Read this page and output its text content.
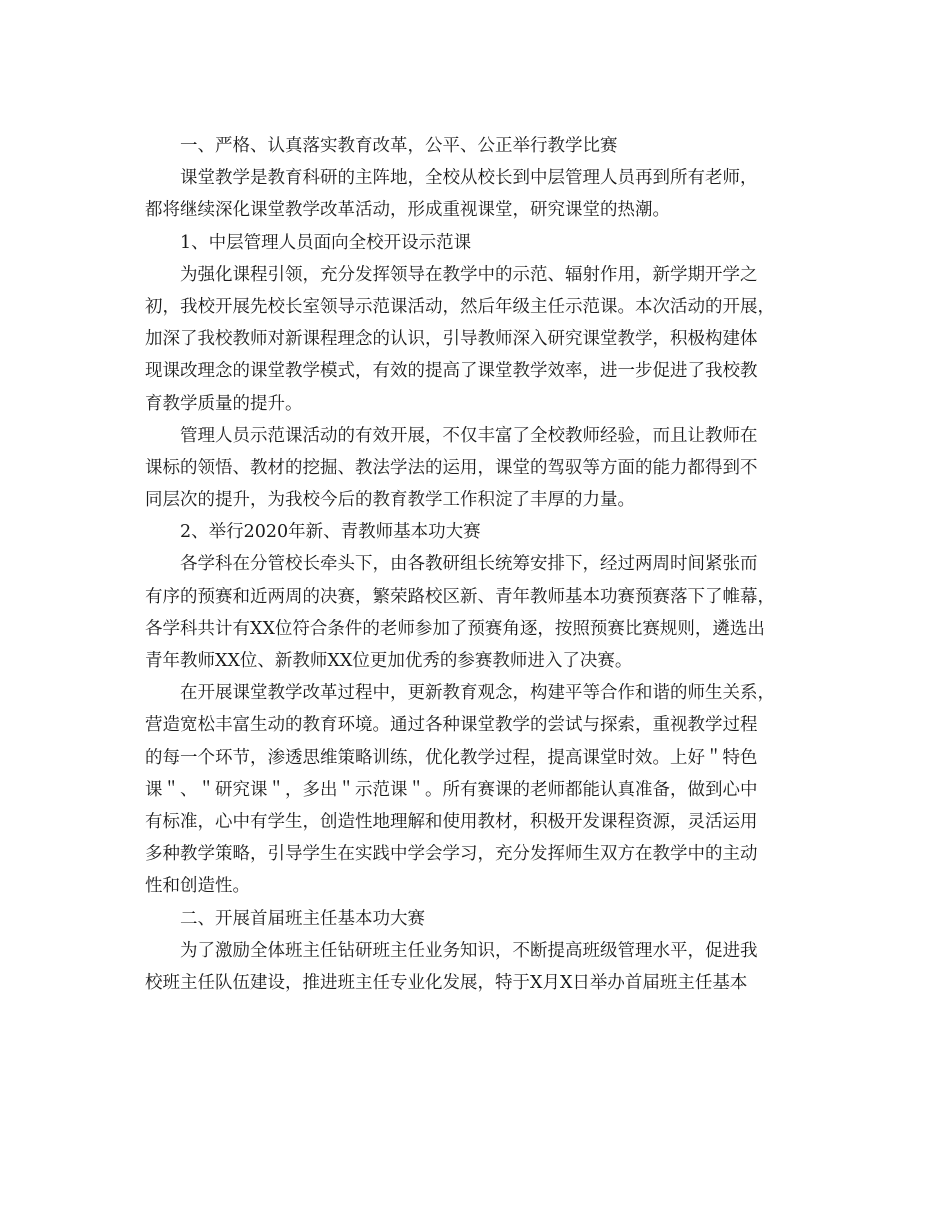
一、严格、认真落实教育改革，公平、公正举行教学比赛
课堂教学是教育科研的主阵地，全校从校长到中层管理人员再到所有老师，
都将继续深化课堂教学改革活动，形成重视课堂，研究课堂的热潮。
1、中层管理人员面向全校开设示范课
为强化课程引领，充分发挥领导在教学中的示范、辐射作用，新学期开学之
初，我校开展先校长室领导示范课活动，然后年级主任示范课。本次活动的开展，
加深了我校教师对新课程理念的认识，引导教师深入研究课堂教学，积极构建体
现课改理念的课堂教学模式，有效的提高了课堂教学效率，进一步促进了我校教
育教学质量的提升。
管理人员示范课活动的有效开展，不仅丰富了全校教师经验，而且让教师在
课标的领悟、教材的挖掘、教法学法的运用，课堂的驾驭等方面的能力都得到不
同层次的提升，为我校今后的教育教学工作积淀了丰厚的力量。
2、举行2020年新、青教师基本功大赛
各学科在分管校长牵头下，由各教研组长统筹安排下，经过两周时间紧张而
有序的预赛和近两周的决赛，繁荣路校区新、青年教师基本功赛预赛落下了帷幕，
各学科共计有XX位符合条件的老师参加了预赛角逐，按照预赛比赛规则，遴选出
青年教师XX位、新教师XX位更加优秀的参赛教师进入了决赛。
在开展课堂教学改革过程中，更新教育观念，构建平等合作和谐的师生关系，
营造宽松丰富生动的教育环境。通过各种课堂教学的尝试与探索，重视教学过程
的每一个环节，渗透思维策略训练，优化教学过程，提高课堂时效。上好＂特色
课＂、＂研究课＂，多出＂示范课＂。所有赛课的老师都能认真准备，做到心中
有标准，心中有学生，创造性地理解和使用教材，积极开发课程资源，灵活运用
多种教学策略，引导学生在实践中学会学习，充分发挥师生双方在教学中的主动
性和创造性。
二、开展首届班主任基本功大赛
为了激励全体班主任钻研班主任业务知识，不断提高班级管理水平，促进我
校班主任队伍建设，推进班主任专业化发展，特于X月X日举办首届班主任基本
